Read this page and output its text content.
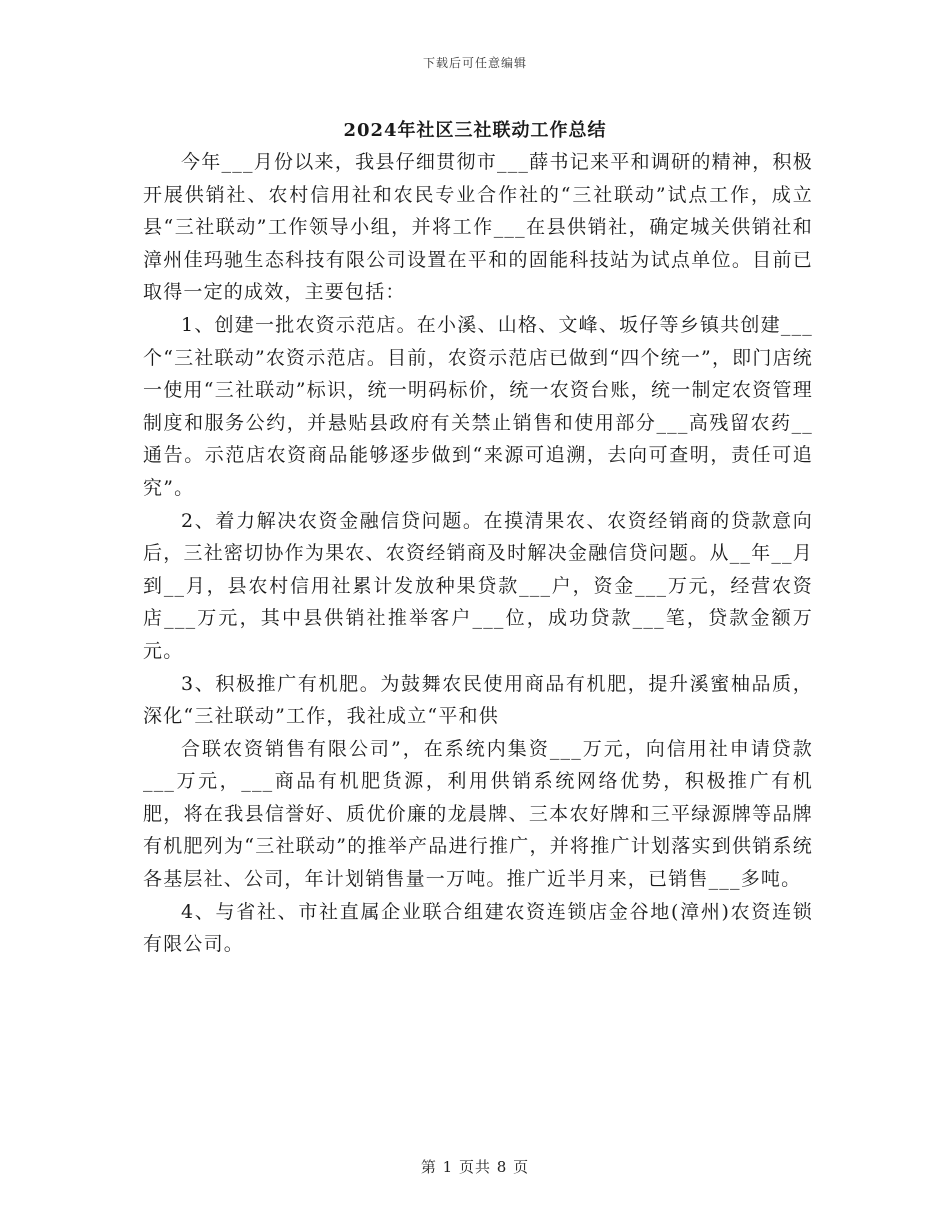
下载后可任意编辑
2024年社区三社联动工作总结

今年___月份以来，我县仔细贯彻市___薛书记来平和调研的精神，积极开展供销社、农村信用社和农民专业合作社的“三社联动”试点工作，成立县“三社联动”工作领导小组，并将工作___在县供销社，确定城关供销社和漳州佳玛驰生态科技有限公司设置在平和的固能科技站为试点单位。目前已取得一定的成效，主要包括：

1、创建一批农资示范店。在小溪、山格、文峰、坂仔等乡镇共创建___个“三社联动”农资示范店。目前，农资示范店已做到“四个统一”，即门店统一使用“三社联动”标识，统一明码标价，统一农资台账，统一制定农资管理制度和服务公约，并悬贴县政府有关禁止销售和使用部分___高残留农药__通告。示范店农资商品能够逐步做到“来源可追溯，去向可查明，责任可追究”。

2、着力解决农资金融信贷问题。在摸清果农、农资经销商的贷款意向后，三社密切协作为果农、农资经销商及时解决金融信贷问题。从__年__月到__月，县农村信用社累计发放种果贷款___户，资金___万元，经营农资店___万元，其中县供销社推举客户___位，成功贷款___笔，贷款金额万元。

3、积极推广有机肥。为鼓舞农民使用商品有机肥，提升溪蜜柚品质，深化“三社联动”工作，我社成立“平和供

合联农资销售有限公司”，在系统内集资___万元，向信用社申请贷款___万元，___商品有机肥货源，利用供销系统网络优势，积极推广有机肥，将在我县信誉好、质优价廉的龙晨牌、三本农好牌和三平绿源牌等品牌有机肥列为“三社联动”的推举产品进行推广，并将推广计划落实到供销系统各基层社、公司，年计划销售量一万吨。推广近半月来，已销售___多吨。

4、与省社、市社直属企业联合组建农资连锁店金谷地(漳州)农资连锁有限公司。

第 1 页共 8 页
